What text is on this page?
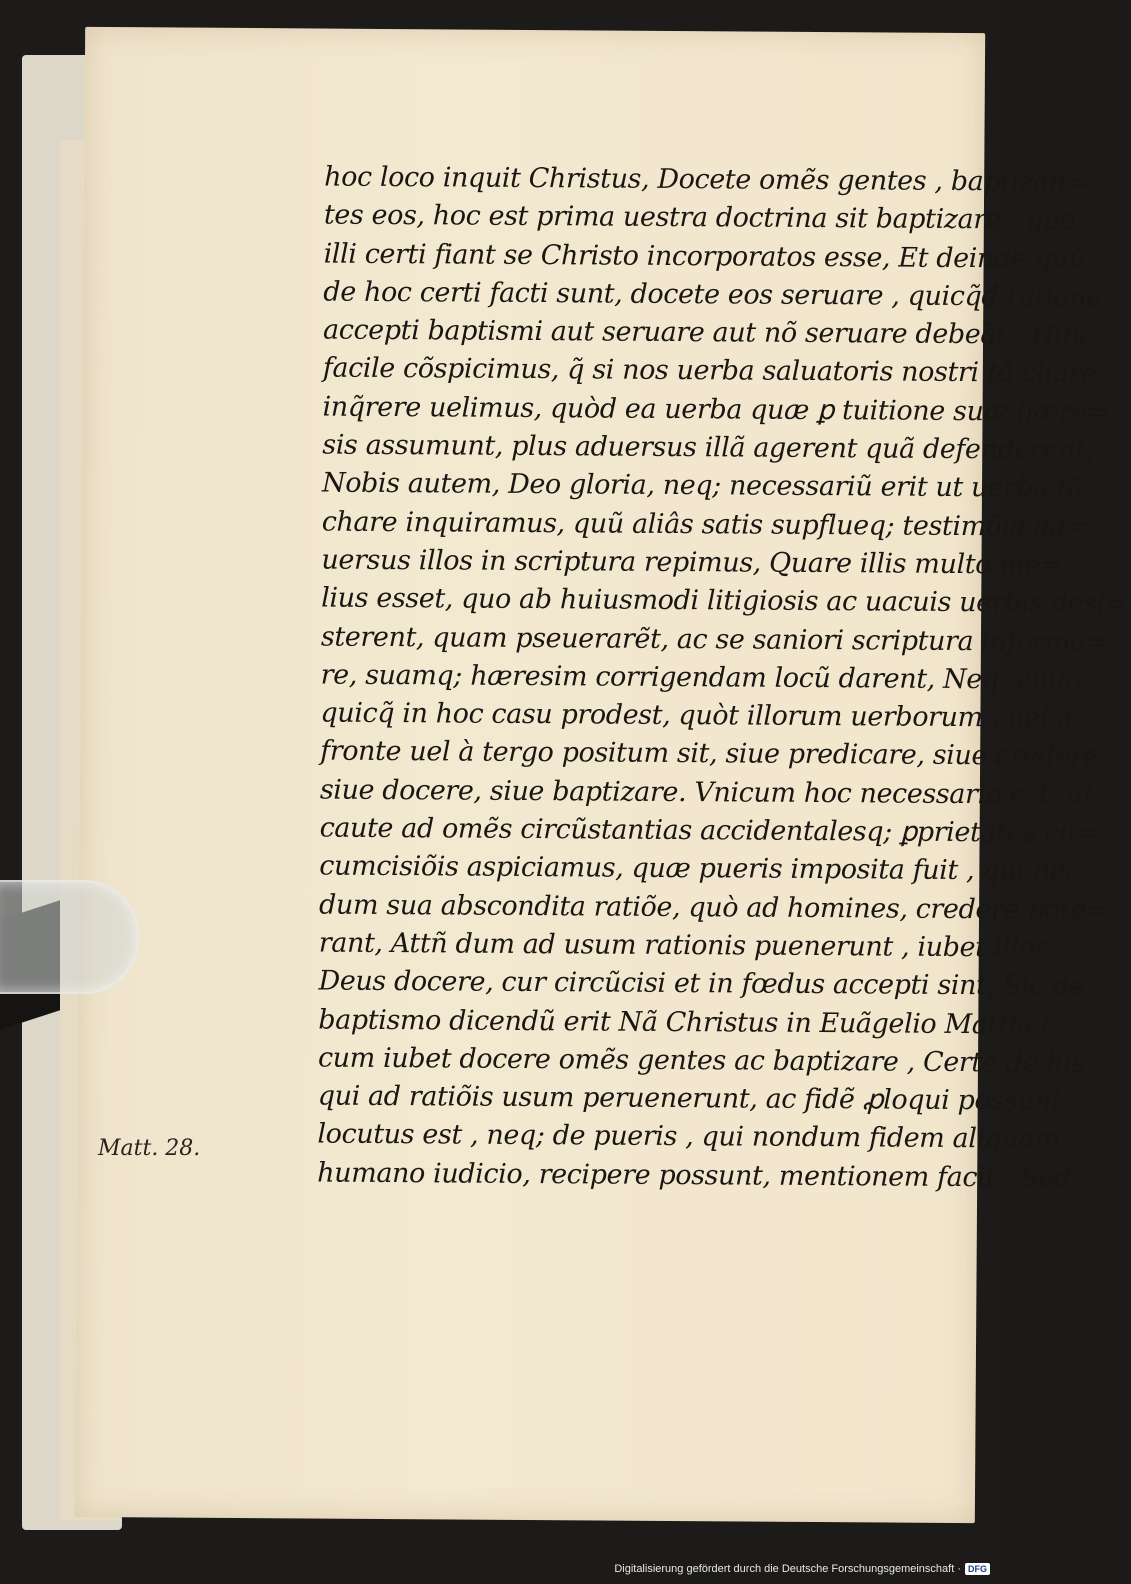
hoc loco inquit Christus, Docete omẽs gentes , baptizan=
tes eos, hoc est prima uestra doctrina sit baptizare , quo
illi certi fiant se Christo incorporatos esse, Et deinde quũ
de hoc certi facti sunt, docete eos seruare , quicq̃d ratione
accepti baptismi aut seruare aut nõ seruare debeãt , Hinc
facile cõspicimus, q̃ si nos uerba saluatoris nostri tã chare
inq̃rere uelimus, quòd ea uerba quæ ꝑ tuitione suæ hære=
sis assumunt, plus aduersus illã agerent quã defenderent,
Nobis autem, Deo gloria, neq; necessariũ erit ut uerba tã
chare inquiramus, quũ aliâs satis supflueq; testimõia ad=
uersus illos in scriptura repimus, Quare illis multo me=
lius esset, quo ab huiusmodi litigiosis ac uacuis uerbis desi=
sterent, quam pseuerarẽt, ac se saniori scriptura informa=
re, suamq; hæresim corrigendam locũ darent, Neq; enim
quicq̃ in hoc casu prodest, quòt illorum uerborum , uel à
fronte uel à tergo positum sit, siue predicare, siue credere
siue docere, siue baptizare. Vnicum hoc necessario est, ut
caute ad omẽs circũstantias accidentalesq; ꝑprietates cir=
cumcisiõis aspiciamus, quæ pueris imposita fuit , qui nec
dum sua abscondita ratiõe, quò ad homines, credere pote=
rant, Attñ dum ad usum rationis puenerunt , iubet illos
Deus docere, cur circũcisi et in fœdus accepti sint, Sic de
baptismo dicendũ erit Nã Christus in Euãgelio Matthei
cum iubet docere omẽs gentes ac baptizare , Certe de his
qui ad ratiõis usum peruenerunt, ac fidẽ ꝓloqui possunt,
locutus est , neq; de pueris , qui nondum fidem aliquam,
humano iudicio, recipere possunt, mentionem facit , Sed
Matt. 28.
Digitalisierung gefördert durch die Deutsche Forschungsgemeinschaft · DFG
